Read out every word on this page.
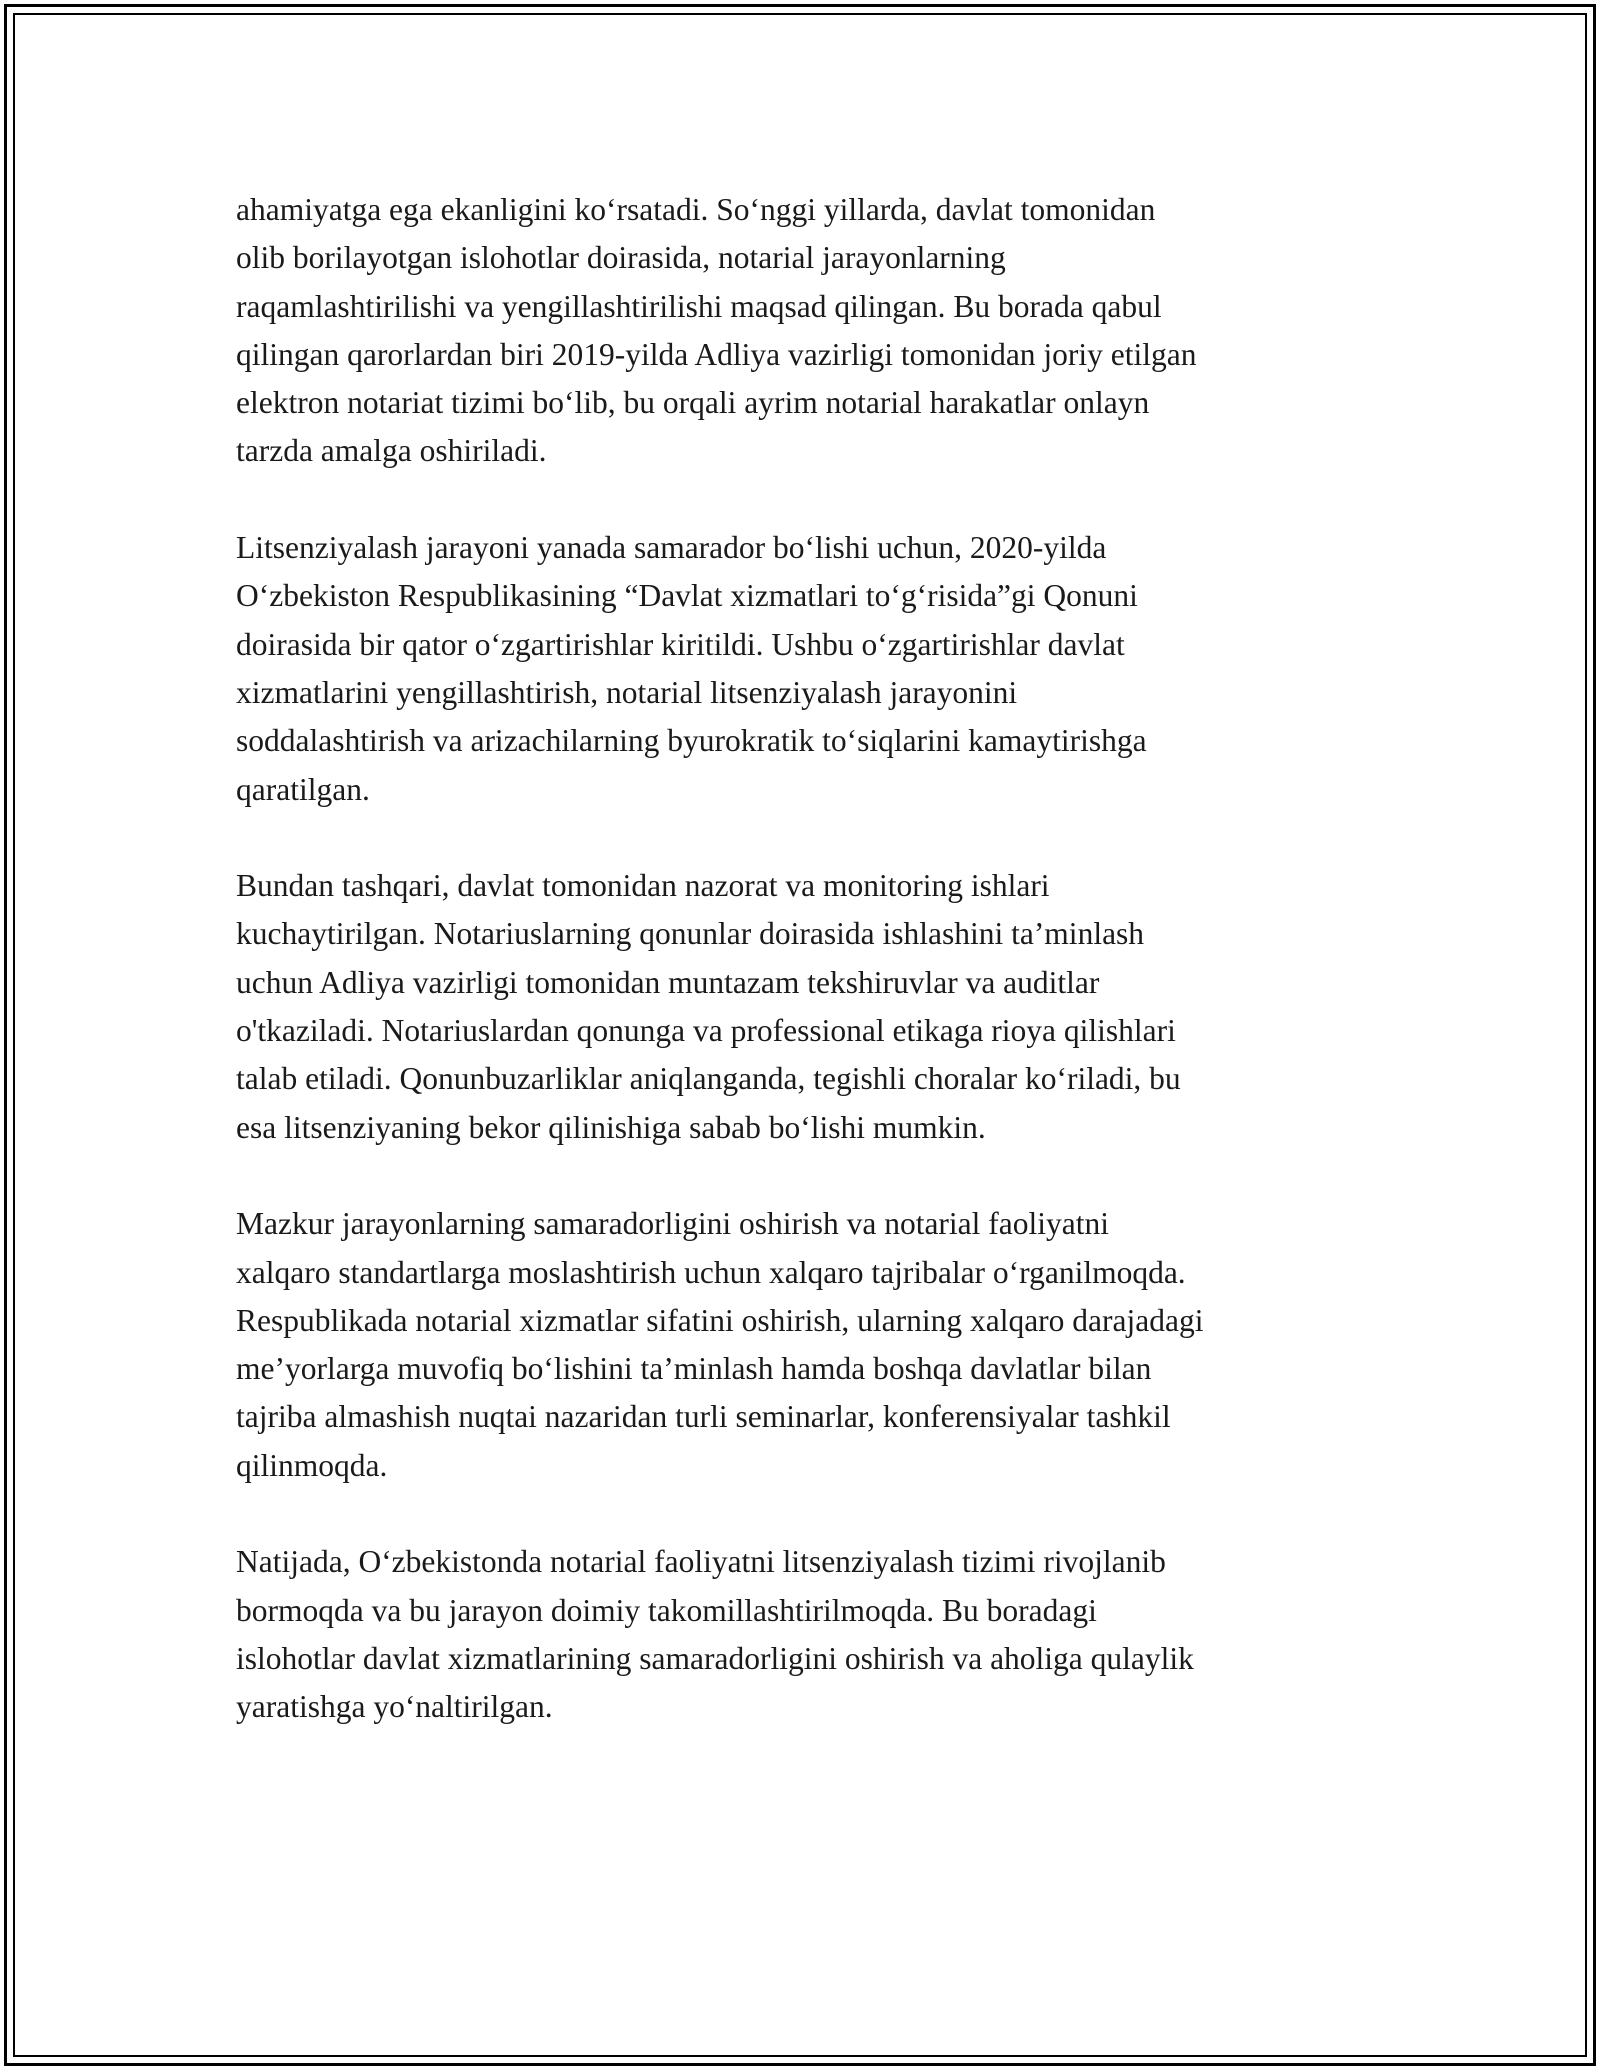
ahamiyatga ega ekanligini ko‘rsatadi. So‘nggi yillarda, davlat tomonidan
olib borilayotgan islohotlar doirasida, notarial jarayonlarning
raqamlashtirilishi va yengillashtirilishi maqsad qilingan. Bu borada qabul
qilingan qarorlardan biri 2019-yilda Adliya vazirligi tomonidan joriy etilgan
elektron notariat tizimi bo‘lib, bu orqali ayrim notarial harakatlar onlayn
tarzda amalga oshiriladi.

Litsenziyalash jarayoni yanada samarador bo‘lishi uchun, 2020-yilda
O‘zbekiston Respublikasining “Davlat xizmatlari to‘g‘risida”gi Qonuni
doirasida bir qator o‘zgartirishlar kiritildi. Ushbu o‘zgartirishlar davlat
xizmatlarini yengillashtirish, notarial litsenziyalash jarayonini
soddalashtirish va arizachilarning byurokratik to‘siqlarini kamaytirishga
qaratilgan.

Bundan tashqari, davlat tomonidan nazorat va monitoring ishlari
kuchaytirilgan. Notariuslarning qonunlar doirasida ishlashini ta’minlash
uchun Adliya vazirligi tomonidan muntazam tekshiruvlar va auditlar
o'tkaziladi. Notariuslardan qonunga va professional etikaga rioya qilishlari
talab etiladi. Qonunbuzarliklar aniqlanganda, tegishli choralar ko‘riladi, bu
esa litsenziyaning bekor qilinishiga sabab bo‘lishi mumkin.

Mazkur jarayonlarning samaradorligini oshirish va notarial faoliyatni
xalqaro standartlarga moslashtirish uchun xalqaro tajribalar o‘rganilmoqda.
Respublikada notarial xizmatlar sifatini oshirish, ularning xalqaro darajadagi
me’yorlarga muvofiq bo‘lishini ta’minlash hamda boshqa davlatlar bilan
tajriba almashish nuqtai nazaridan turli seminarlar, konferensiyalar tashkil
qilinmoqda.

Natijada, O‘zbekistonda notarial faoliyatni litsenziyalash tizimi rivojlanib
bormoqda va bu jarayon doimiy takomillashtirilmoqda. Bu boradagi
islohotlar davlat xizmatlarining samaradorligini oshirish va aholiga qulaylik
yaratishga yo‘naltirilgan.
